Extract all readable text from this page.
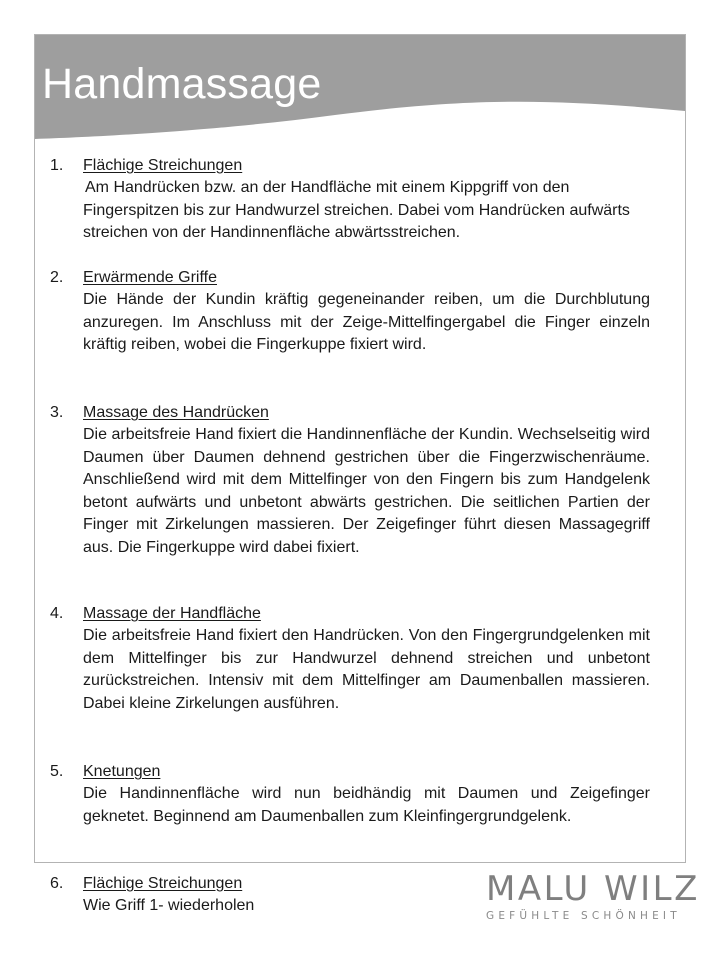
Handmassage
1.	Flächige Streichungen
Am Handrücken bzw. an der Handfläche mit einem Kippgriff von den Fingerspitzen bis zur Handwurzel streichen. Dabei vom Handrücken aufwärts streichen von der Handinnenfläche abwärtsstreichen.
2.	Erwärmende Griffe
Die Hände der Kundin kräftig gegeneinander reiben, um die Durchblutung anzuregen. Im Anschluss mit der Zeige-Mittelfingergabel die Finger einzeln kräftig reiben, wobei die Fingerkuppe fixiert wird.
3.	Massage des Handrücken
Die arbeitsfreie Hand fixiert die Handinnenfläche der Kundin. Wechselseitig wird Daumen über Daumen dehnend gestrichen über die Fingerzwischenräume. Anschließend wird mit dem Mittelfinger von den Fingern bis zum Handgelenk betont aufwärts und unbetont abwärts gestrichen. Die seitlichen Partien der Finger mit Zirkelungen massieren. Der Zeigefinger führt diesen Massagegriff aus. Die Fingerkuppe wird dabei fixiert.
4.	Massage der Handfläche
Die arbeitsfreie Hand fixiert den Handrücken. Von den Fingergrundgelenken mit dem Mittelfinger bis zur Handwurzel dehnend streichen und unbetont zurückstreichen. Intensiv mit dem Mittelfinger am Daumenballen massieren. Dabei kleine Zirkelungen ausführen.
5.	Knetungen
Die Handinnenfläche wird nun beidhändig mit Daumen und Zeigefinger geknetet. Beginnend am Daumenballen zum Kleinfingergrundgelenk.
6.	Flächige Streichungen
Wie Griff 1- wiederholen	MALU WILZ
GEFÜHLTE SCHÖNHEIT
